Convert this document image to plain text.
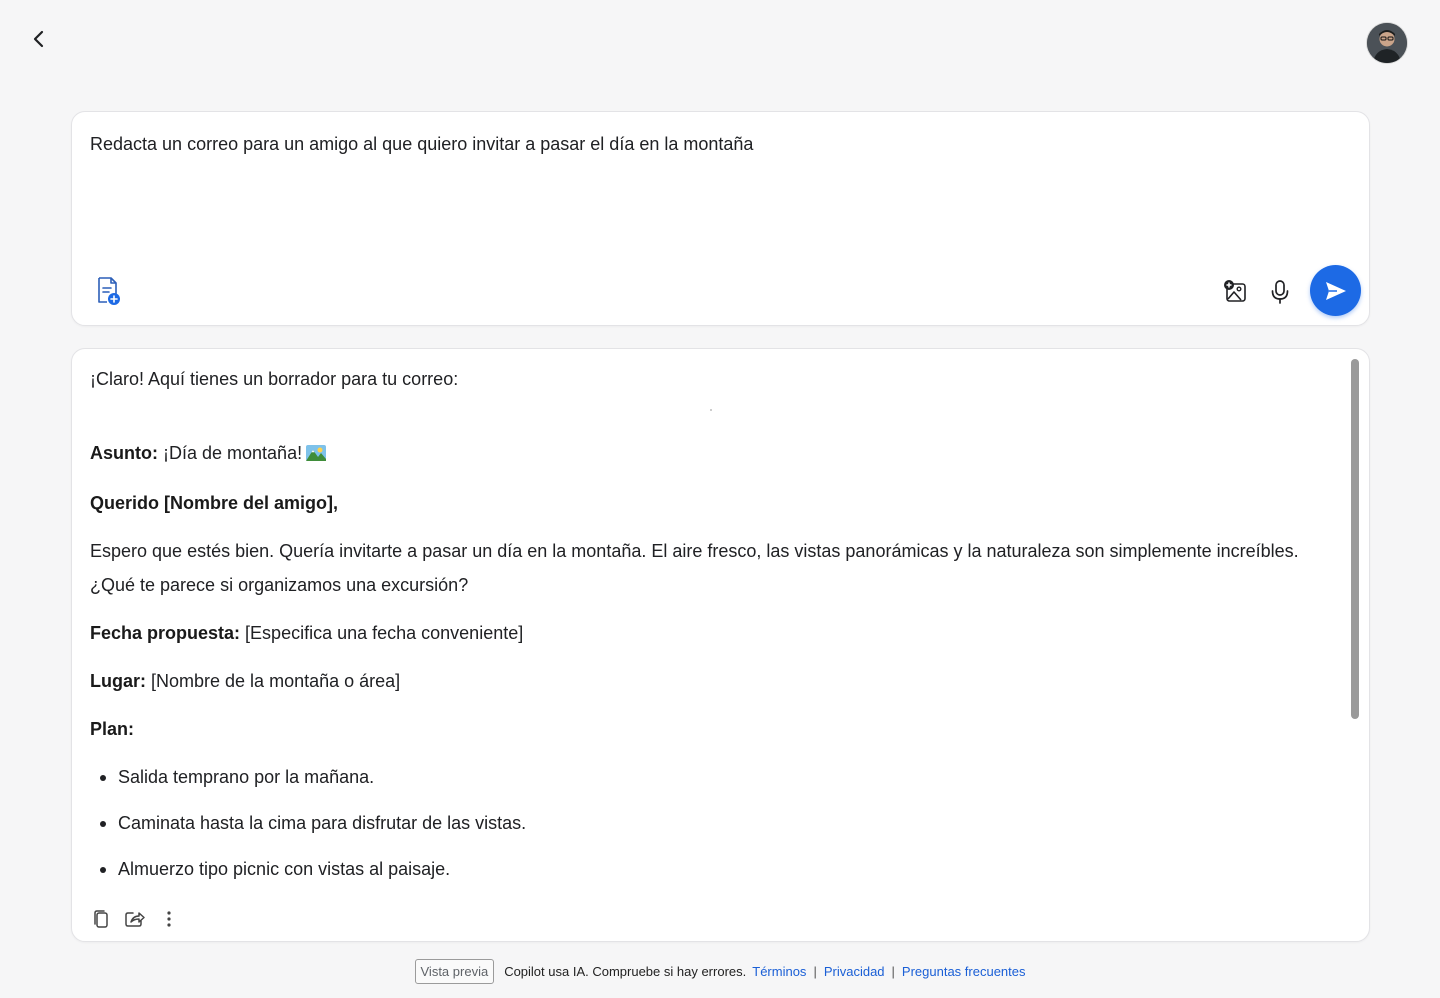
Redacta un correo para un amigo al que quiero invitar a pasar el día en la montaña

¡Claro! Aquí tienes un borrador para tu correo:

Asunto: ¡Día de montaña!

Querido [Nombre del amigo],

Espero que estés bien. Quería invitarte a pasar un día en la montaña. El aire fresco, las vistas panorámicas y la naturaleza son simplemente increíbles. ¿Qué te parece si organizamos una excursión?

Fecha propuesta: [Especifica una fecha conveniente]

Lugar: [Nombre de la montaña o área]

Plan:

Salida temprano por la mañana.
Caminata hasta la cima para disfrutar de las vistas.
Almuerzo tipo picnic con vistas al paisaje.
Vista previa	Copilot usa IA. Compruebe si hay errores. Términos | Privacidad | Preguntas frecuentes
